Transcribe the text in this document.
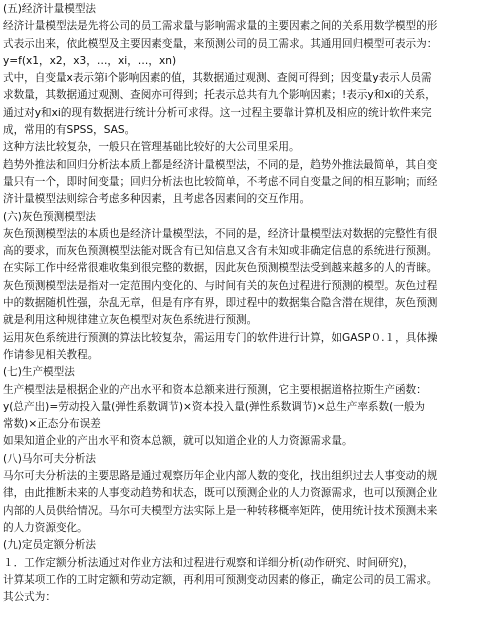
(五)经济计量模型法
经济计量模型法是先将公司的员工需求量与影响需求量的主要因素之间的关系用数学模型的形
式表示出来，依此模型及主要因素变量，来预测公司的员工需求。其通用回归模型可表示为：
y=f(x1，x2，x3，…，xi，…，xn)
式中，自变量x表示第i个影响因素的值，其数据通过观测、查阅可得到；因变量y表示人员需
求数量，其数据通过观测、查阅亦可得到；托表示总共有九个影响因素；!表示y和xi的关系，
通过对y和xi的现有数据进行统计分析可求得。这一过程主要靠计算机及相应的统计软件来完
成，常用的有SPSS，SAS。
这种方法比较复杂，一般只在管理基础比较好的大公司里采用。
趋势外推法和回归分析法本质上都是经济计量模型法，不同的是，趋势外推法最简单，其自变
量只有一个，即时间变量；回归分析法也比较简单，不考虑不同自变量之间的相互影响；而经
济计量模型法则综合考虑多种因素，且考虑各因素间的交互作用。
(六)灰色预测模型法
灰色预测模型法的本质也是经济计量模型法，不同的是，经济计量模型法对数据的完整性有很
高的要求，而灰色预测模型法能对既含有已知信息又含有未知或非确定信息的系统进行预测。
在实际工作中经常很难收集到很完整的数据，因此灰色预测模型法受到越来越多的人的青睐。
灰色预测模型法是指对一定范围内变化的、与时间有关的灰色过程进行预测的模型。灰色过程
中的数据随机性强，杂乱无章，但是有序有界，即过程中的数据集合隐含潜在规律，灰色预测
就是利用这种规律建立灰色模型对灰色系统进行预测。
运用灰色系统进行预测的算法比较复杂，需运用专门的软件进行计算，如GASP０.１，具体操
作请参见相关教程。
(七)生产模型法
生产模型法是根据企业的产出水平和资本总额来进行预测，它主要根据道格拉斯生产函数：
y(总产出)=劳动投入量(弹性系数调节)×资本投入量(弹性系数调节)×总生产率系数(一般为
常数)×正态分布误差
如果知道企业的产出水平和资本总额，就可以知道企业的人力资源需求量。
(八)马尔可夫分析法
马尔可夫分析法的主要思路是通过观察历年企业内部人数的变化，找出组织过去人事变动的规
律，由此推断未来的人事变动趋势和状态，既可以预测企业的人力资源需求，也可以预测企业
内部的人员供给情况。马尔可夫模型方法实际上是一种转移概率矩阵，使用统计技术预测未来
的人力资源变化。
(九)定员定额分析法
１．工作定额分析法通过对作业方法和过程进行观察和详细分析(动作研究、时间研究)，
计算某项工作的工时定额和劳动定额，再利用可预测变动因素的修正，确定公司的员工需求。
其公式为：
